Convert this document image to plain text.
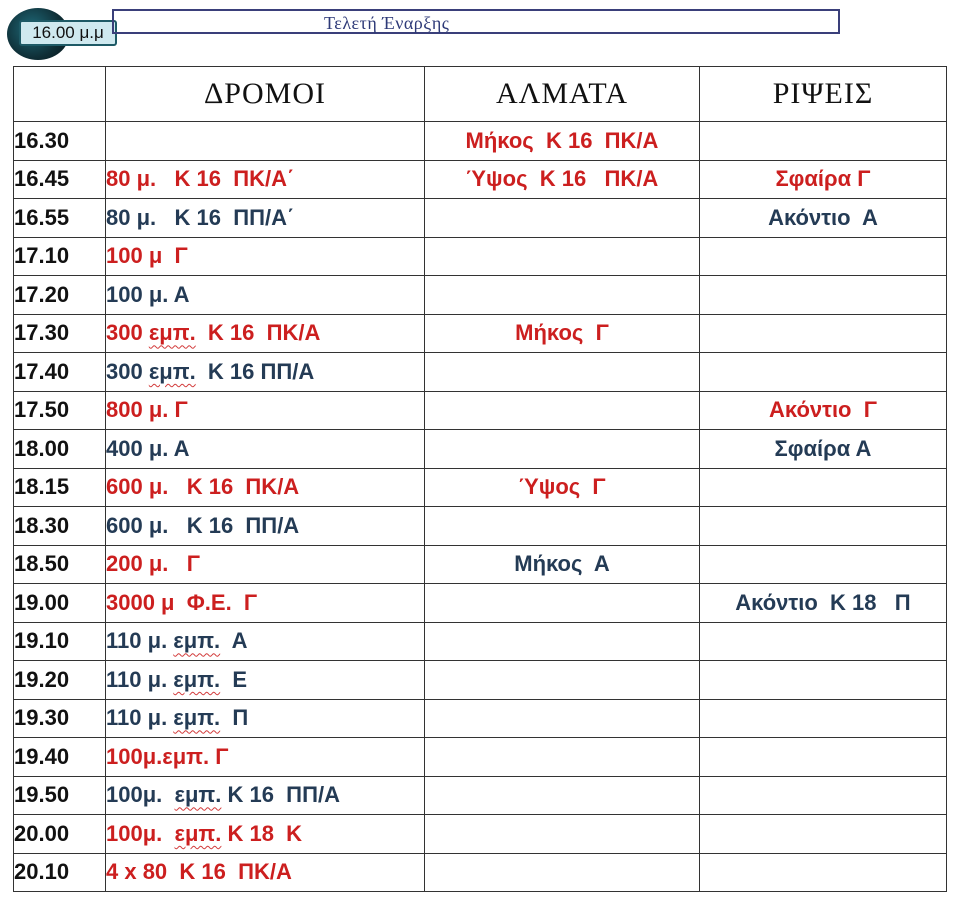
16.00 μ.μ	Τελετή Έναρξης
	ΔΡΟΜΟΙ	ΑΛΜΑΤΑ	ΡΙΨΕΙΣ
16.30		Μήκος  Κ 16  ΠΚ/Α	
16.45	80 μ.   Κ 16  ΠΚ/Α΄	Ύψος  Κ 16   ΠΚ/Α	Σφαίρα Γ
16.55	80 μ.   Κ 16  ΠΠ/Α΄		Ακόντιο  Α
17.10	100 μ  Γ		
17.20	100 μ. Α		
17.30	300 εμπ.  Κ 16  ΠΚ/Α	Μήκος  Γ	
17.40	300 εμπ.  Κ 16 ΠΠ/Α		
17.50	800 μ. Γ		Ακόντιο  Γ
18.00	400 μ. Α		Σφαίρα Α
18.15	600 μ.   Κ 16  ΠΚ/Α	Ύψος  Γ	
18.30	600 μ.   Κ 16  ΠΠ/Α		
18.50	200 μ.   Γ	Μήκος  Α	
19.00	3000 μ  Φ.Ε.  Γ		Ακόντιο  Κ 18   Π
19.10	110 μ. εμπ.  Α		
19.20	110 μ. εμπ.  Ε		
19.30	110 μ. εμπ.  Π		
19.40	100μ.εμπ. Γ		
19.50	100μ.  εμπ. Κ 16  ΠΠ/Α		
20.00	100μ.  εμπ. Κ 18  Κ		
20.10	4 x 80  Κ 16  ΠΚ/Α		
